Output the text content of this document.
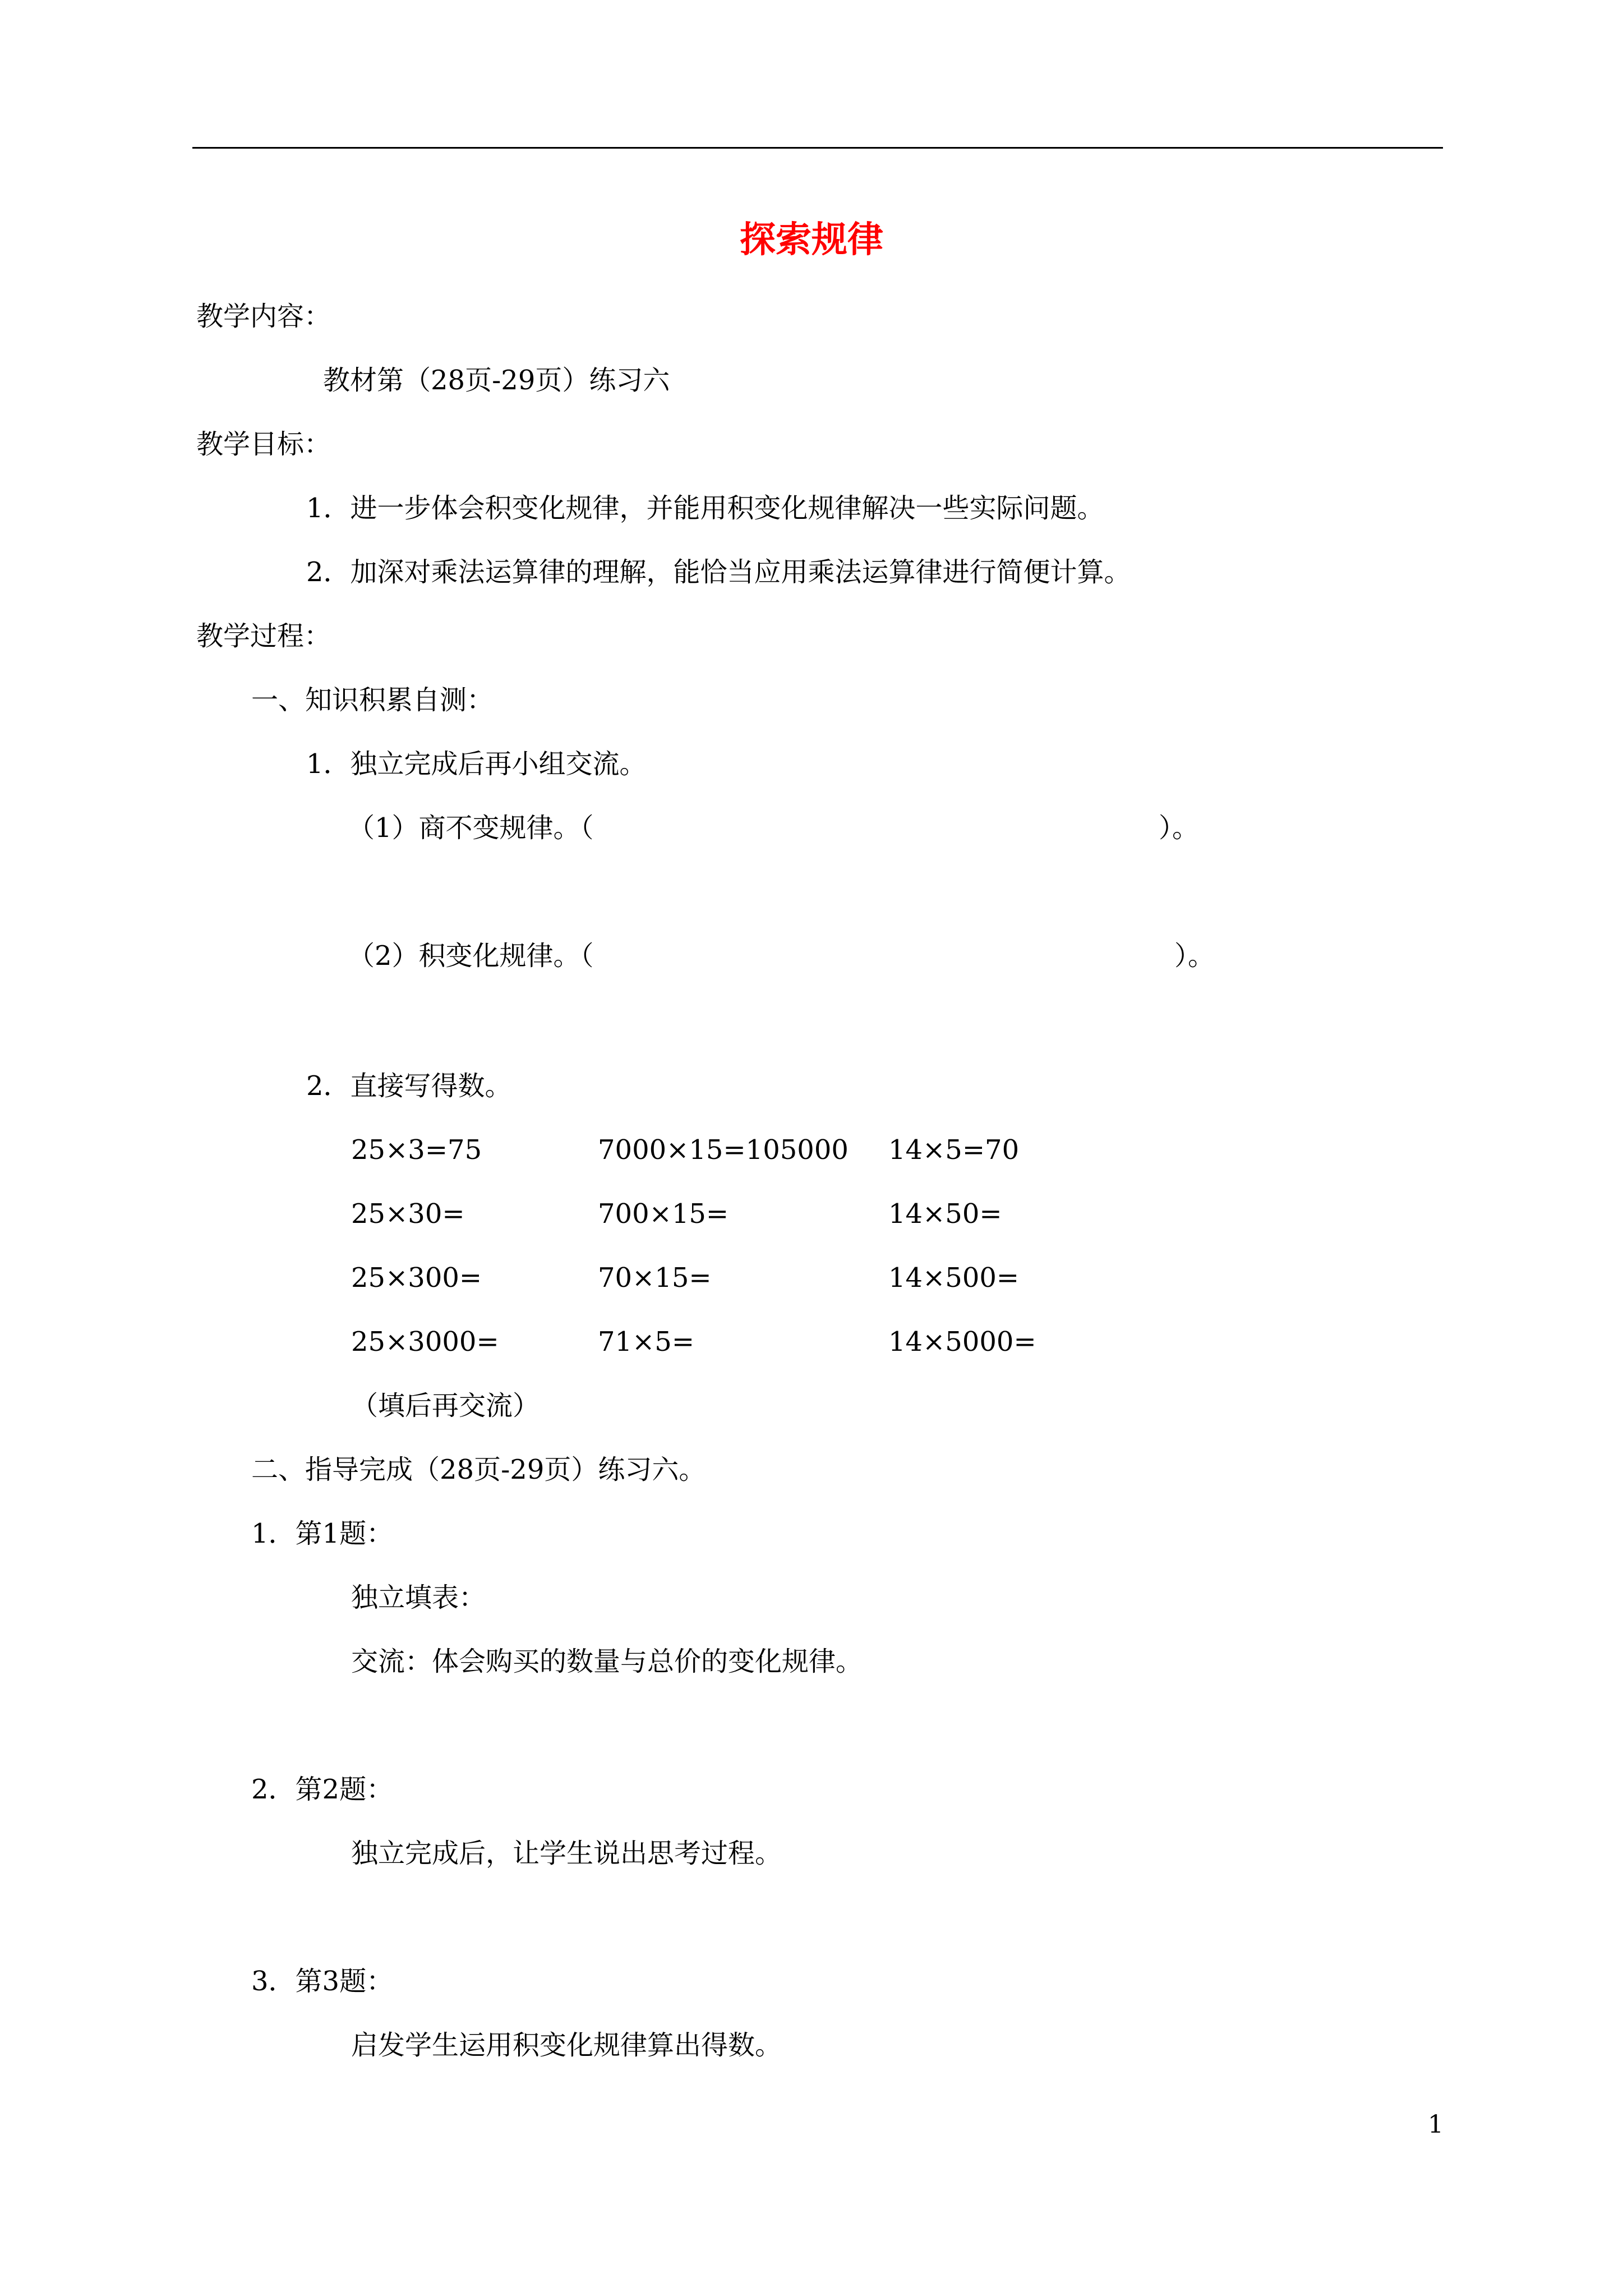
探索规律
教学内容：
教材第（28页-29页）练习六
教学目标：
1．进一步体会积变化规律，并能用积变化规律解决一些实际问题。
2．加深对乘法运算律的理解，能恰当应用乘法运算律进行简便计算。
教学过程：
一、知识积累自测：
1．独立完成后再小组交流。
（1）商不变规律。（	）。
（2）积变化规律。（	）。
2．直接写得数。
25×3=75	7000×15=105000 14×5=70
25×30=	700×15=	14×50=
25×300=	70×15=	14×500=
25×3000=	71×5=	14×5000=
（填后再交流）
二、指导完成（28页-29页）练习六。
1．第1题：
独立填表：
交流：体会购买的数量与总价的变化规律。
2．第2题：
独立完成后，让学生说出思考过程。
3．第3题：
启发学生运用积变化规律算出得数。
1
